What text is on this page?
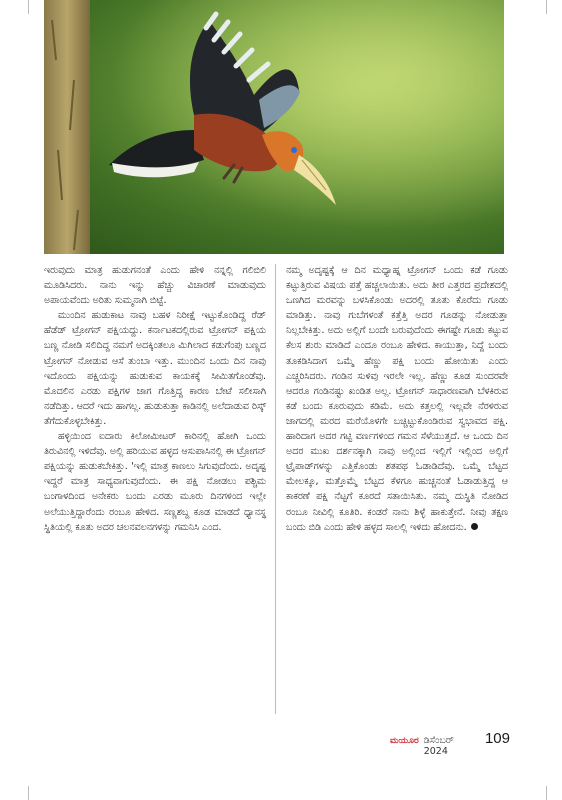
ಇರುವುದು ಮಾತ್ರ ಹುಡುಗನಂತೆ ಎಂದು ಹೇಳಿ ನನ್ನಲ್ಲಿ ಗಲಿಬಿಲಿ ಮೂಡಿಸಿದರು. ನಾನು ಇನ್ನು ಹೆಚ್ಚು ವಿಚಾರಣೆ ಮಾಡುವುದು ಅಪಾಯವೆಂದು ಅರಿತು ಸುಮ್ಮನಾಗಿ ಬಿಟ್ಟೆ.

ಮುಂದಿನ ಹುಡುಕಾಟ ನಾವು ಬಹಳ ನಿರೀಕ್ಷೆ ಇಟ್ಟುಕೊಂಡಿದ್ದ ರೆಡ್ ಹೆಡೆಡ್ ಟ್ರೋಗನ್ ಪಕ್ಷಿಯದ್ದು. ಕರ್ನಾಟಕದಲ್ಲಿರುವ ಟ್ರೋಗನ್ ಪಕ್ಷಿಯ ಬಣ್ಣ ನೋಡಿ ಸಲಿದಿದ್ದ ನಮಗೆ ಅದಕ್ಕಿಂತಲೂ ಮಿಗಿಲಾದ ಕಡುಗೆಂಪು ಬಣ್ಣದ ಟ್ರೋಗನ್ ನೋಡುವ ಆಸೆ ತುಂಬಾ ಇತ್ತು. ಮುಂದಿನ ಒಂದು ದಿನ ನಾವು ಇದೊಂದು ಪಕ್ಷಿಯನ್ನು ಹುಡುಕುವ ಕಾಯಕಕ್ಕೆ ಸೀಮಿತಗೊಂಡೆವು. ಮೊದಲಿನ ಎರಡು ಪಕ್ಷಿಗಳ ಜಾಗ ಗೊತ್ತಿದ್ದ ಕಾರಣ ಬೇಟೆ ಸಲೀಸಾಗಿ ನಡೆದಿತ್ತು. ಆದರೆ ಇದು ಹಾಗಲ್ಲ. ಹುಡುಕುತ್ತಾ ಕಾಡಿನಲ್ಲಿ ಅಲೆದಾಡುವ ರಿಸ್ಕ್ ತೆಗೆದುಕೊಳ್ಳಬೇಕಿತ್ತು.

ಹಳ್ಳಿಯಿಂದ ಐದಾರು ಕಿಲೋಮೀಟರ್ ಕಾರಿನಲ್ಲಿ ಹೋಗಿ ಒಂದು ತಿರುವಿನಲ್ಲಿ ಇಳಿದೆವು. ಅಲ್ಲಿ ಹರಿಯುವ ಹಳ್ಳದ ಆಸುಪಾಸಿನಲ್ಲಿ ಈ ಟ್ರೋಗನ್ ಪಕ್ಷಿಯನ್ನು ಹುಡುಕಬೇಕಿತ್ತು. 'ಇಲ್ಲಿ ಮಾತ್ರ ಕಾಣಲು ಸಿಗುವುದೆಂದು. ಅದೃಷ್ಟ ಇದ್ದರೆ ಮಾತ್ರ ಸಾಧ್ಯವಾಗುವುದೆಂದು. ಈ ಪಕ್ಷಿ ನೋಡಲು ಪಶ್ಚಿಮ ಬಂಗಾಳದಿಂದ ಅನೇಕರು ಬಂದು ಎರಡು ಮೂರು ದಿನಗಳಿಂದ ಇಲ್ಲೇ ಅಲೆಯುತ್ತಿದ್ದಾರೆಂದು ರಂಬೂ ಹೇಳಿದ. ಸಣ್ಣಶಬ್ದ ಕೂಡ ಮಾಡದೆ ಧ್ಯಾನಸ್ಥ ಸ್ಥಿತಿಯಲ್ಲಿ ಕೂತು ಅದರ ಚಲನವಲನಗಳನ್ನು ಗಮನಿಸಿ ಎಂದ.

ನಮ್ಮ ಅದೃಷ್ಟಕ್ಕೆ ಆ ದಿನ ಮಧ್ಯಾಹ್ನ ಟ್ರೋಗನ್ ಒಂದು ಕಡೆ ಗೂಡು ಕಟ್ಟುತ್ತಿರುವ ವಿಷಯ ಪತ್ತೆ ಹಚ್ಚಲಾಯಿತು. ಅದು ತೀರ ಎತ್ತರದ ಪ್ರದೇಶದಲ್ಲಿ ಒಣಗಿದ ಮರವನ್ನು ಬಳಸಿಕೊಂಡು ಅದರಲ್ಲಿ ತೂತು ಕೊರೆದು ಗೂಡು ಮಾಡಿತ್ತು. ನಾವು ಗುಬೆಗಳಂತೆ ಕತ್ತೆತ್ತಿ ಅದರ ಗೂಡನ್ನು ನೋಡುತ್ತಾ ನಿಲ್ಲಬೇಕಿತ್ತು. ಅದು ಅಲ್ಲಿಗೆ ಬಂದೇ ಬರುವುದೆಂದು ಈಗಷ್ಟೇ ಗೂಡು ಕಟ್ಟುವ ಕೆಲಸ ಶುರು ಮಾಡಿದೆ ಎಂದೂ ರಂಬೂ ಹೇಳಿದ. ಕಾಯುತ್ತಾ, ನಿದ್ದೆ ಬಂದು ತೂಕಡಿಸಿದಾಗ ಒಮ್ಮೆ ಹೆಣ್ಣು ಪಕ್ಷಿ ಬಂದು ಹೋಯಿತು ಎಂದು ಎಚ್ಚರಿಸಿದರು. ಗಂಡಿನ ಸುಳಿವು ಇರಲೇ ಇಲ್ಲ. ಹೆಣ್ಣು ಕೂಡ ಸುಂದರವೇ ಆದರೂ ಗಂಡಿನಷ್ಟು ಖಂಡಿತ ಅಲ್ಲ. ಟ್ರೋಗನ್ ಸಾಧಾರಣವಾಗಿ ಬೆಳಕಿರುವ ಕಡೆ ಬಂದು ಕೂರುವುದು ಕಡಿಮೆ. ಅದು ಕತ್ತಲಲ್ಲಿ ಇಲ್ಲವೇ ನೆರಳಿರುವ ಜಾಗದಲ್ಲಿ ಮರದ ಮರೆಯೊಳಗೇ ಬಚ್ಚಿಟ್ಟುಕೊಂಡಿರುವ ಸ್ವಭಾವದ ಪಕ್ಷಿ. ಹಾರಿದಾಗ ಅದರ ಗಟ್ಟಿ ವರ್ಣಗಳಿಂದ ಗಮನ ಸೆಳೆಯುತ್ತದೆ. ಆ ಒಂದು ದಿನ ಅದರ ಮುಖ ದರ್ಶನಕ್ಕಾಗಿ ನಾವು ಅಲ್ಲಿಂದ ಇಲ್ಲಿಗೆ ಇಲ್ಲಿಂದ ಅಲ್ಲಿಗೆ ಟ್ರೈಪಾಡ್‌ಗಳನ್ನು ಎತ್ತಿಕೊಂಡು ಶತಪಥ ಓಡಾಡಿದೆವು. ಒಮ್ಮೆ ಬೆಟ್ಟದ ಮೇಲಕ್ಕೂ, ಮತ್ತೊಮ್ಮೆ ಬೆಟ್ಟದ ಕೆಳಗೂ ಹುಚ್ಚನಂತೆ ಓಡಾಡುತ್ತಿದ್ದ ಆ ಕಾಕರಣೆ ಪಕ್ಷಿ ನೆಟ್ಟಗೆ ಕೂರದೆ ಸತಾಯಿಸಿತು. ನಮ್ಮ ದುಸ್ಥಿತಿ ನೋಡಿದ ರಂಬೂ ನೀವಿಲ್ಲಿ ಕೂತಿರಿ. ಕಂಡರೆ ನಾನು ಶಿಳ್ಳೆ ಹಾಕುತ್ತೇನೆ. ನೀವು ತಕ್ಷಣ ಬಂದು ಬಿಡಿ ಎಂದು ಹೇಳಿ ಹಳ್ಳದ ಸಾಲಲ್ಲಿ ಇಳಿದು ಹೋದನು.

ಮಯೂರ ಡಿಸೆಂಬರ್ 2024
109
